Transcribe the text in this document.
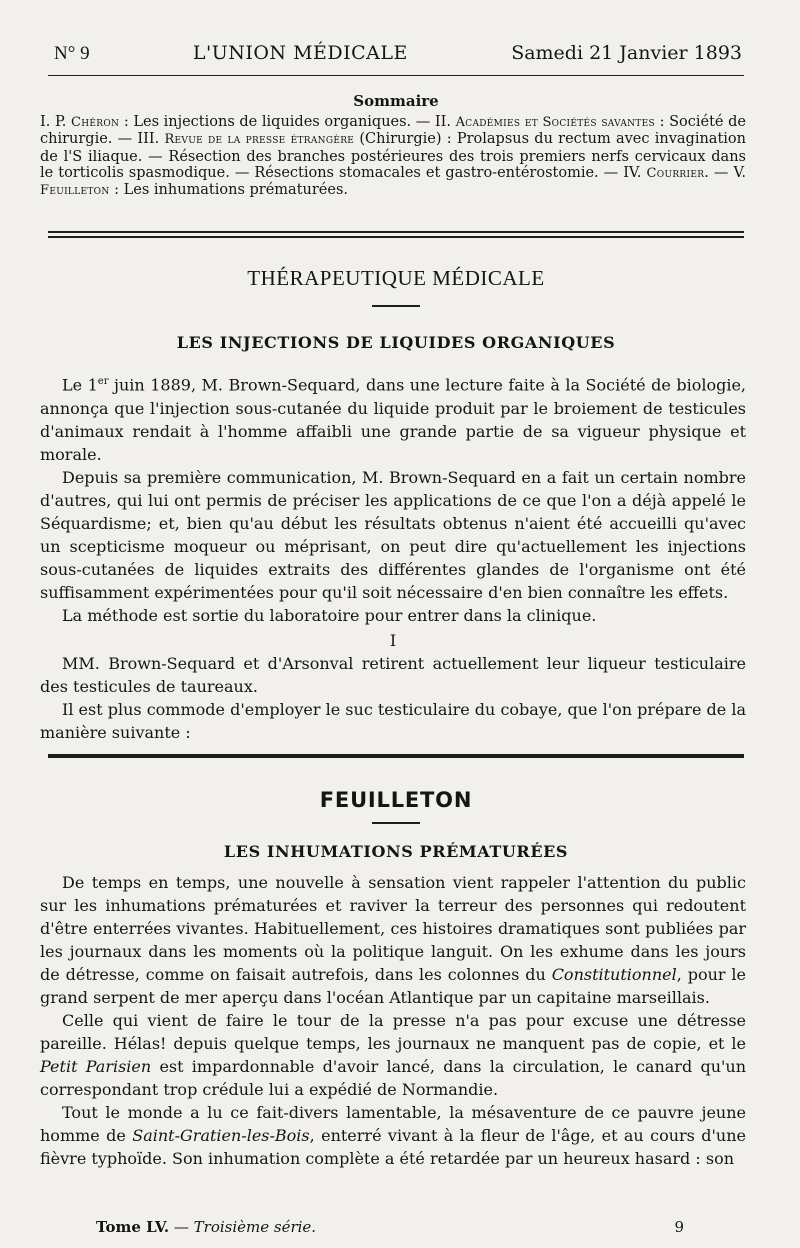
N° 9	L'UNION MÉDICALE	Samedi 21 Janvier 1893
Sommaire

I. P. Chéron : Les injections de liquides organiques. — II. Académies et Sociétés savantes : Société de chirurgie. — III. Revue de la presse étrangère (Chirurgie) : Prolapsus du rectum avec invagination de l'S iliaque. — Résection des branches postérieures des trois premiers nerfs cervicaux dans le torticolis spasmodique. — Résections stomacales et gastro-entérostomie. — IV. Courrier. — V. Feuilleton : Les inhumations prématurées.

THÉRAPEUTIQUE MÉDICALE
LES INJECTIONS DE LIQUIDES ORGANIQUES

Le 1er juin 1889, M. Brown-Sequard, dans une lecture faite à la Société de biologie, annonça que l'injection sous-cutanée du liquide produit par le broiement de testicules d'animaux rendait à l'homme affaibli une grande partie de sa vigueur physique et morale.

Depuis sa première communication, M. Brown-Sequard en a fait un certain nombre d'autres, qui lui ont permis de préciser les applications de ce que l'on a déjà appelé le Séquardisme; et, bien qu'au début les résultats obtenus n'aient été accueilli qu'avec un scepticisme moqueur ou méprisant, on peut dire qu'actuellement les injections sous-cutanées de liquides extraits des différentes glandes de l'organisme ont été suffisamment expérimentées pour qu'il soit nécessaire d'en bien connaître les effets.

La méthode est sortie du laboratoire pour entrer dans la clinique.

I

MM. Brown-Sequard et d'Arsonval retirent actuellement leur liqueur testiculaire des testicules de taureaux.

Il est plus commode d'employer le suc testiculaire du cobaye, que l'on prépare de la manière suivante :

FEUILLETON
LES INHUMATIONS PRÉMATURÉES

De temps en temps, une nouvelle à sensation vient rappeler l'attention du public sur les inhumations prématurées et raviver la terreur des personnes qui redoutent d'être enterrées vivantes. Habituellement, ces histoires dramatiques sont publiées par les journaux dans les moments où la politique languit. On les exhume dans les jours de détresse, comme on faisait autrefois, dans les colonnes du Constitutionnel, pour le grand serpent de mer aperçu dans l'océan Atlantique par un capitaine marseillais.

Celle qui vient de faire le tour de la presse n'a pas pour excuse une détresse pareille. Hélas! depuis quelque temps, les journaux ne manquent pas de copie, et le Petit Parisien est impardonnable d'avoir lancé, dans la circulation, le canard qu'un correspondant trop crédule lui a expédié de Normandie.

Tout le monde a lu ce fait-divers lamentable, la mésaventure de ce pauvre jeune homme de Saint-Gratien-les-Bois, enterré vivant à la fleur de l'âge, et au cours d'une fièvre typhoïde. Son inhumation complète a été retardée par un heureux hasard : son

Tome LV. — Troisième série.	9
